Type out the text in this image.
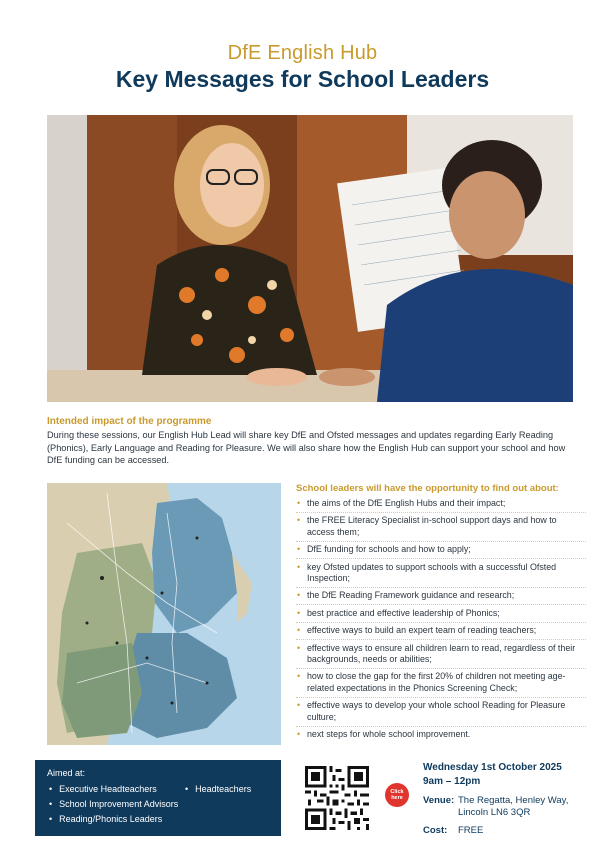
DfE English Hub
Key Messages for School Leaders
Intended impact of the programme
During these sessions, our English Hub Lead will share key DfE and Ofsted messages and updates regarding Early Reading (Phonics), Early Language and Reading for Pleasure. We will also share how the English Hub can support your school and how DfE funding can be accessed.
School leaders will have the opportunity to find out about:
• the aims of the DfE English Hubs and their impact;
• the FREE Literacy Specialist in-school support days and how to access them;
• DfE funding for schools and how to apply;
• key Ofsted updates to support schools with a successful Ofsted Inspection;
• the DfE Reading Framework guidance and research;
• best practice and effective leadership of Phonics;
• effective ways to build an expert team of reading teachers;
• effective ways to ensure all children learn to read, regardless of their backgrounds, needs or abilities;
• how to close the gap for the first 20% of children not meeting age-related expectations in the Phonics Screening Check;
• effective ways to develop your whole school Reading for Pleasure culture;
• next steps for whole school improvement.
Aimed at:
• Executive Headteachers
•	Headteachers
• School Improvement Advisors
• Reading/Phonics Leaders
Click
here
Wednesday 1st October 2025
9am – 12pm
Venue: The Regatta, Henley Way,
Lincoln LN6 3QR
Cost: FREE
